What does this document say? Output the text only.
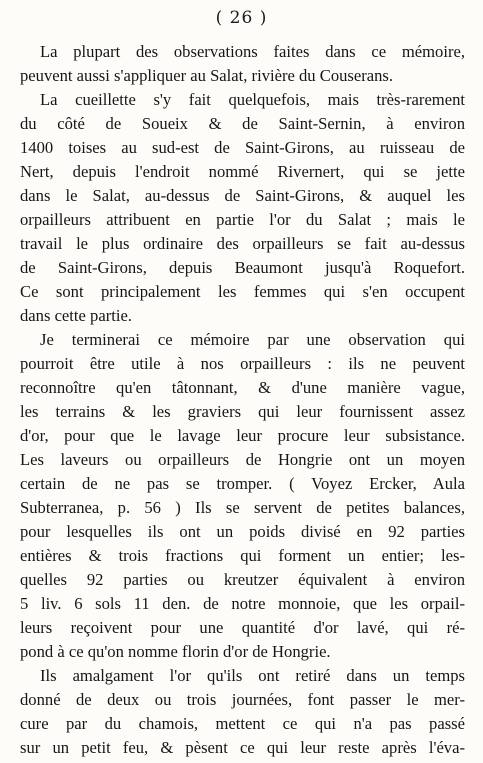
( 26 )
La plupart des observations faites dans ce mémoire,
peuvent aussi s'appliquer au Salat, rivière du Couserans.
La cueillette s'y fait quelquefois, mais très-rarement
du côté de Soueix & de Saint-Sernin, à environ
1400 toises au sud-est de Saint-Girons, au ruisseau de
Nert, depuis l'endroit nommé Rivernert, qui se jette
dans le Salat, au-dessus de Saint-Girons, & auquel les
orpailleurs attribuent en partie l'or du Salat ; mais le
travail le plus ordinaire des orpailleurs se fait au-dessus
de Saint-Girons, depuis Beaumont jusqu'à Roquefort.
Ce sont principalement les femmes qui s'en occupent
dans cette partie.
Je terminerai ce mémoire par une observation qui
pourroit être utile à nos orpailleurs : ils ne peuvent
reconnoître qu'en tâtonnant, & d'une manière vague,
les terrains & les graviers qui leur fournissent assez
d'or, pour que le lavage leur procure leur subsistance.
Les laveurs ou orpailleurs de Hongrie ont un moyen
certain de ne pas se tromper. ( Voyez Ercker, Aula
Subterranea, p. 56 ) Ils se servent de petites balances,
pour lesquelles ils ont un poids divisé en 92 parties
entières & trois fractions qui forment un entier; les-
quelles 92 parties ou kreutzer équivalent à environ
5 liv. 6 sols 11 den. de notre monnoie, que les orpail-
leurs reçoivent pour une quantité d'or lavé, qui ré-
pond à ce qu'on nomme florin d'or de Hongrie.
Ils amalgament l'or qu'ils ont retiré dans un temps
donné de deux ou trois journées, font passer le mer-
cure par du chamois, mettent ce qui n'a pas passé
sur un petit feu, & pèsent ce qui leur reste après l'éva-
